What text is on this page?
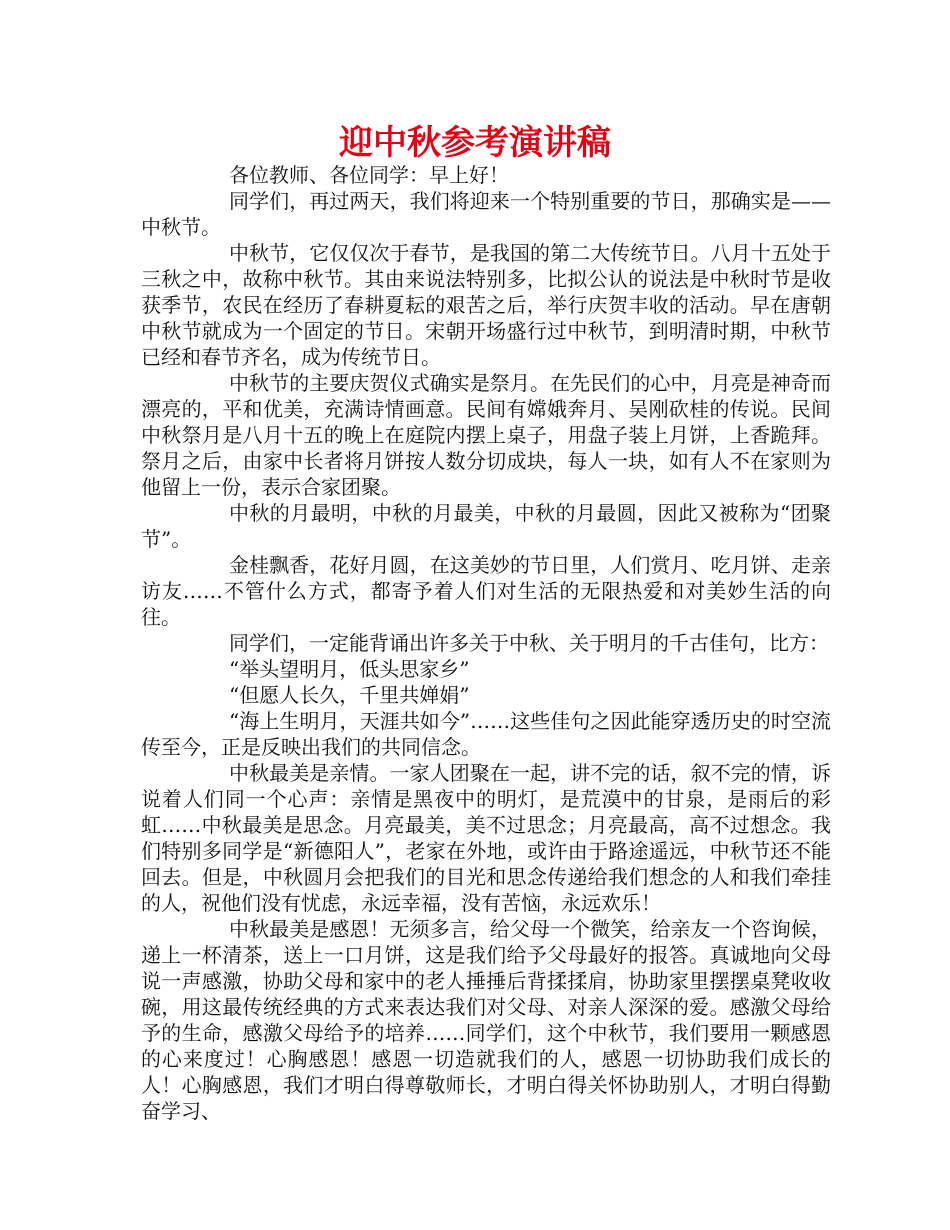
迎中秋参考演讲稿

各位教师、各位同学：早上好！

同学们，再过两天，我们将迎来一个特别重要的节日，那确实是——中秋节。

中秋节，它仅仅次于春节，是我国的第二大传统节日。八月十五处于三秋之中，故称中秋节。其由来说法特别多，比拟公认的说法是中秋时节是收获季节，农民在经历了春耕夏耘的艰苦之后，举行庆贺丰收的活动。早在唐朝中秋节就成为一个固定的节日。宋朝开场盛行过中秋节，到明清时期，中秋节已经和春节齐名，成为传统节日。

中秋节的主要庆贺仪式确实是祭月。在先民们的心中，月亮是神奇而漂亮的，平和优美，充满诗情画意。民间有嫦娥奔月、吴刚砍桂的传说。民间中秋祭月是八月十五的晚上在庭院内摆上桌子，用盘子装上月饼，上香跪拜。祭月之后，由家中长者将月饼按人数分切成块，每人一块，如有人不在家则为他留上一份，表示合家团聚。

中秋的月最明，中秋的月最美，中秋的月最圆，因此又被称为“团聚节”。

金桂飘香，花好月圆，在这美妙的节日里，人们赏月、吃月饼、走亲访友……不管什么方式，都寄予着人们对生活的无限热爱和对美妙生活的向往。

同学们，一定能背诵出许多关于中秋、关于明月的千古佳句，比方：

“举头望明月，低头思家乡”

“但愿人长久，千里共婵娟”

“海上生明月，天涯共如今”……这些佳句之因此能穿透历史的时空流传至今，正是反映出我们的共同信念。

中秋最美是亲情。一家人团聚在一起，讲不完的话，叙不完的情，诉说着人们同一个心声：亲情是黑夜中的明灯，是荒漠中的甘泉，是雨后的彩虹……中秋最美是思念。月亮最美，美不过思念；月亮最高，高不过想念。我们特别多同学是“新德阳人”，老家在外地，或许由于路途遥远，中秋节还不能回去。但是，中秋圆月会把我们的目光和思念传递给我们想念的人和我们牵挂的人，祝他们没有忧虑，永远幸福，没有苦恼，永远欢乐！

中秋最美是感恩！无须多言，给父母一个微笑，给亲友一个咨询候，递上一杯清茶，送上一口月饼，这是我们给予父母最好的报答。真诚地向父母说一声感激，协助父母和家中的老人捶捶后背揉揉肩，协助家里摆摆桌凳收收碗，用这最传统经典的方式来表达我们对父母、对亲人深深的爱。感激父母给予的生命，感激父母给予的培养……同学们，这个中秋节，我们要用一颗感恩的心来度过！心胸感恩！感恩一切造就我们的人，感恩一切协助我们成长的人！心胸感恩，我们才明白得尊敬师长，才明白得关怀协助别人，才明白得勤奋学习、
